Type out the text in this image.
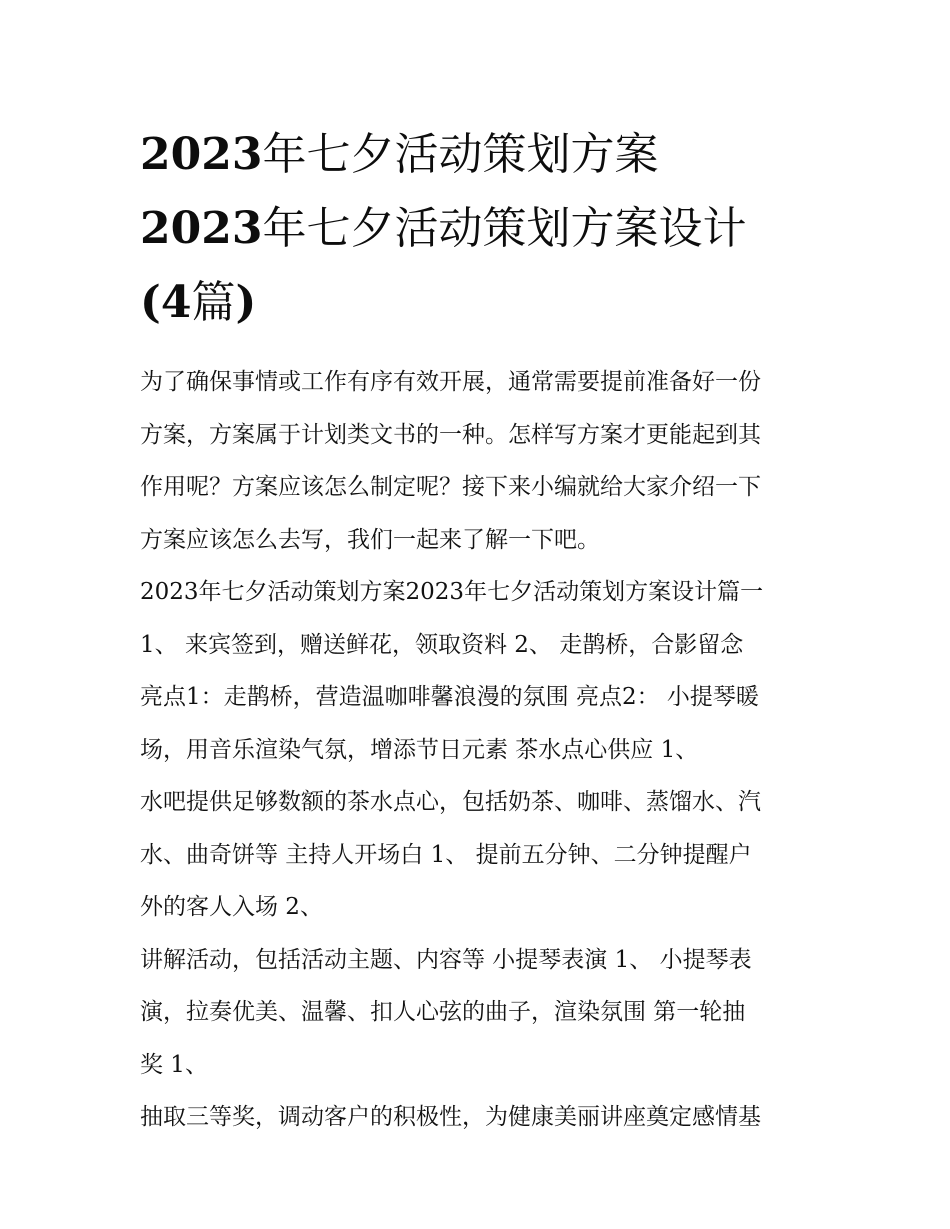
2023年七夕活动策划方案
2023年七夕活动策划方案设计
(4篇)
为了确保事情或工作有序有效开展，通常需要提前准备好一份
方案，方案属于计划类文书的一种。怎样写方案才更能起到其
作用呢？方案应该怎么制定呢？接下来小编就给大家介绍一下
方案应该怎么去写，我们一起来了解一下吧。
2023年七夕活动策划方案2023年七夕活动策划方案设计篇一
1、 来宾签到，赠送鲜花，领取资料 2、 走鹊桥，合影留念
亮点1：走鹊桥，营造温咖啡馨浪漫的氛围 亮点2： 小提琴暖
场，用音乐渲染气氛，增添节日元素 茶水点心供应 1、
水吧提供足够数额的茶水点心，包括奶茶、咖啡、蒸馏水、汽
水、曲奇饼等 主持人开场白 1、 提前五分钟、二分钟提醒户
外的客人入场 2、
讲解活动，包括活动主题、内容等 小提琴表演 1、 小提琴表
演，拉奏优美、温馨、扣人心弦的曲子，渲染氛围 第一轮抽
奖 1、
抽取三等奖，调动客户的积极性，为健康美丽讲座奠定感情基
